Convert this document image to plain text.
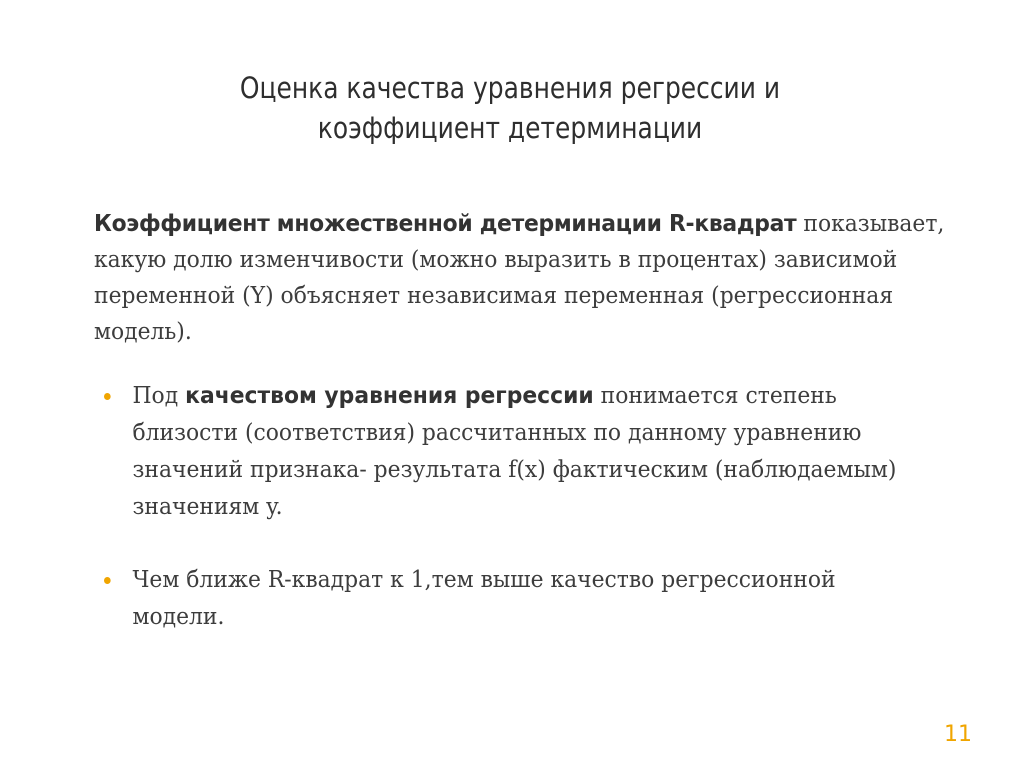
Оценка качества уравнения регрессии и
коэффициент детерминации
Коэффициент множественной детерминации R-квадрат показывает, какую долю изменчивости (можно выразить в процентах) зависимой переменной (Y) объясняет независимая переменная (регрессионная модель).
Под качеством уравнения регрессии понимается степень близости (соответствия) рассчитанных по данному уравнению значений признака- результата f(x) фактическим (наблюдаемым) значениям y.
Чем ближе R-квадрат к 1,тем выше качество регрессионной модели.
11
